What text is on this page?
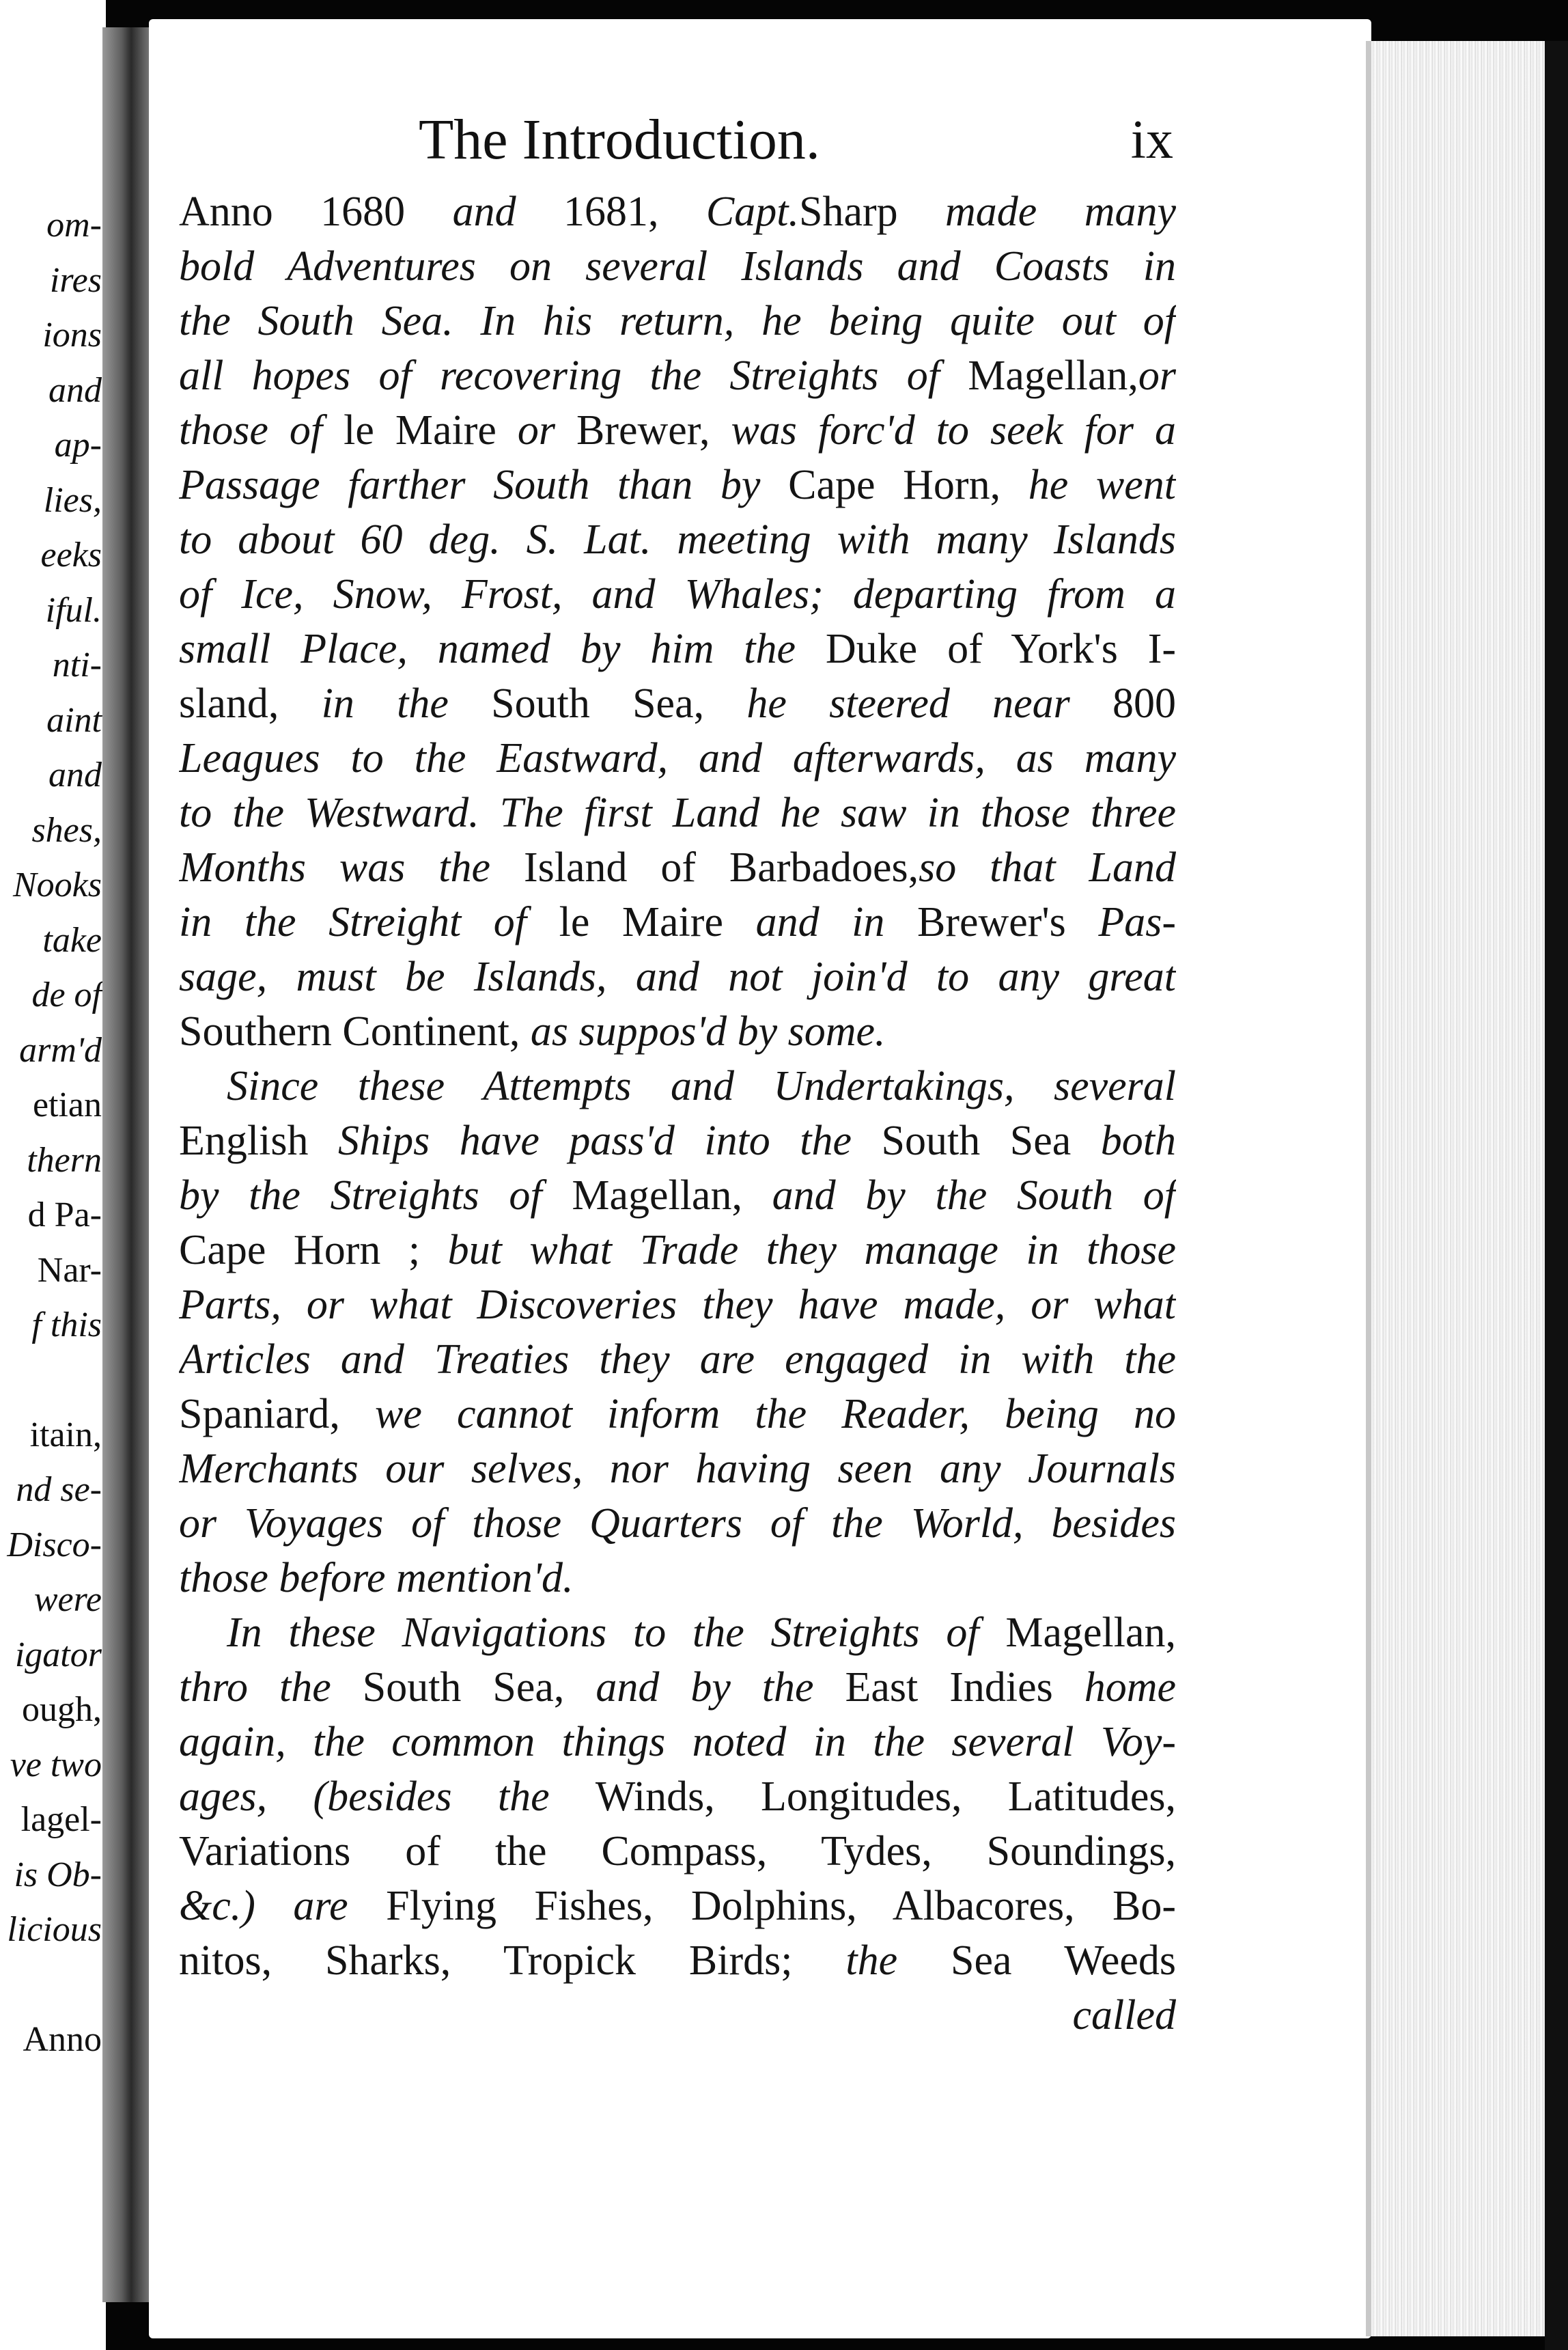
om-
ires
ions
and
ap-
lies,
eeks
iful.
nti-
aint
and
shes,
Nooks
take
de of
arm'd
etian
thern
d Pa-
Nar-
f this
itain,
nd se-
Disco-
were
igator
ough,
ve two
lagel-
is Ob-
licious
Anno
The Introduction.	ix
Anno 1680 and 1681, Capt.Sharp made many
bold Adventures on several Islands and Coasts in
the South Sea. In his return, he being quite out of
all hopes of recovering the Streights of Magellan,or
those of le Maire or Brewer, was forc'd to seek for a
Passage farther South than by Cape Horn, he went
to about 60 deg. S. Lat. meeting with many Islands
of Ice, Snow, Frost, and Whales; departing from a
small Place, named by him the Duke of York's I-
sland, in the South Sea, he steered near 800
Leagues to the Eastward, and afterwards, as many
to the Westward. The first Land he saw in those three
Months was the Island of Barbadoes,so that Land
in the Streight of le Maire and in Brewer's Pas-
sage, must be Islands, and not join'd to any great
Southern Continent, as suppos'd by some.
Since these Attempts and Undertakings, several
English Ships have pass'd into the South Sea both
by the Streights of Magellan, and by the South of
Cape Horn ; but what Trade they manage in those
Parts, or what Discoveries they have made, or what
Articles and Treaties they are engaged in with the
Spaniard, we cannot inform the Reader, being no
Merchants our selves, nor having seen any Journals
or Voyages of those Quarters of the World, besides
those before mention'd.
In these Navigations to the Streights of Magellan,
thro the South Sea, and by the East Indies home
again, the common things noted in the several Voy-
ages, (besides the Winds, Longitudes, Latitudes,
Variations of the Compass, Tydes, Soundings,
&c.) are Flying Fishes, Dolphins, Albacores, Bo-
nitos, Sharks, Tropick Birds; the Sea Weeds
called
